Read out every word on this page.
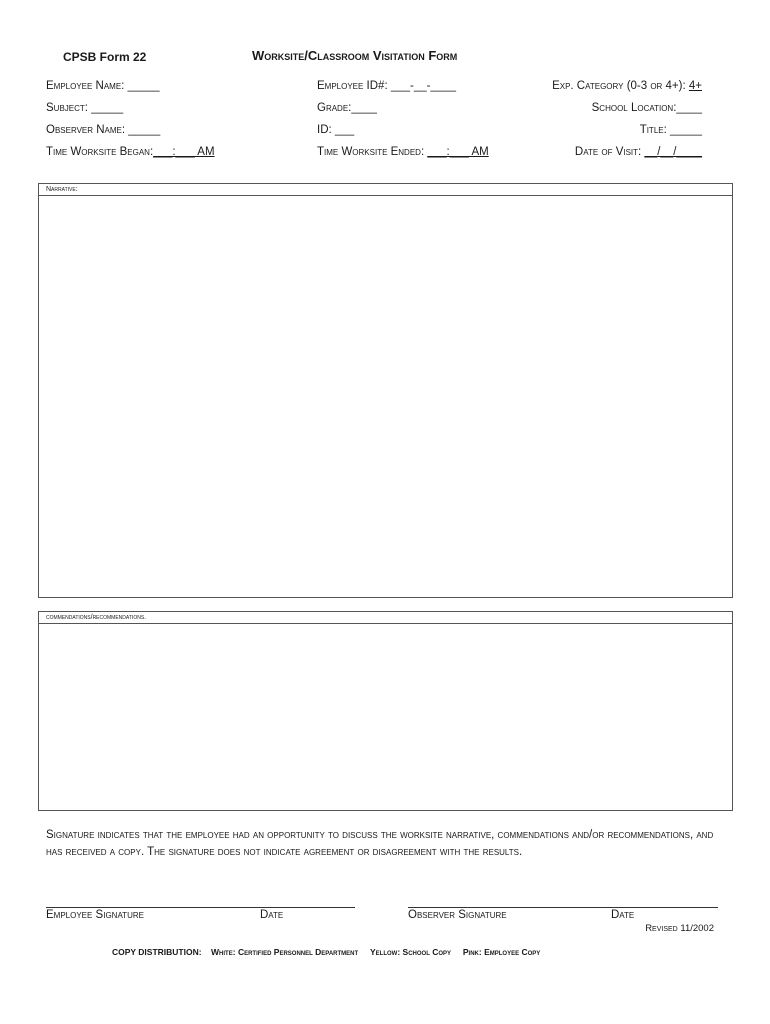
CPSB Form 22	Worksite/Classroom Visitation Form
Employee Name: _____	Employee ID#: ___-__-____	Exp. Category (0-3 or 4+): 4+
Subject: _____	Grade:____	School Location:____
Observer Name: _____	ID: ___	Title: _____
Time Worksite Began:___:___ AM	Time Worksite Ended: ___:___ AM	Date of Visit: __/__/____
Narrative:
commendations/recommendations.
Signature indicates that the employee had an opportunity to discuss the worksite narrative, commendations and/or recommendations, and has received a copy. The signature does not indicate agreement or disagreement with the results.
Employee Signature	Date	Observer Signature	Date
Revised 11/2002
COPY DISTRIBUTION: White: Certified Personnel Department Yellow: School Copy Pink: Employee Copy
